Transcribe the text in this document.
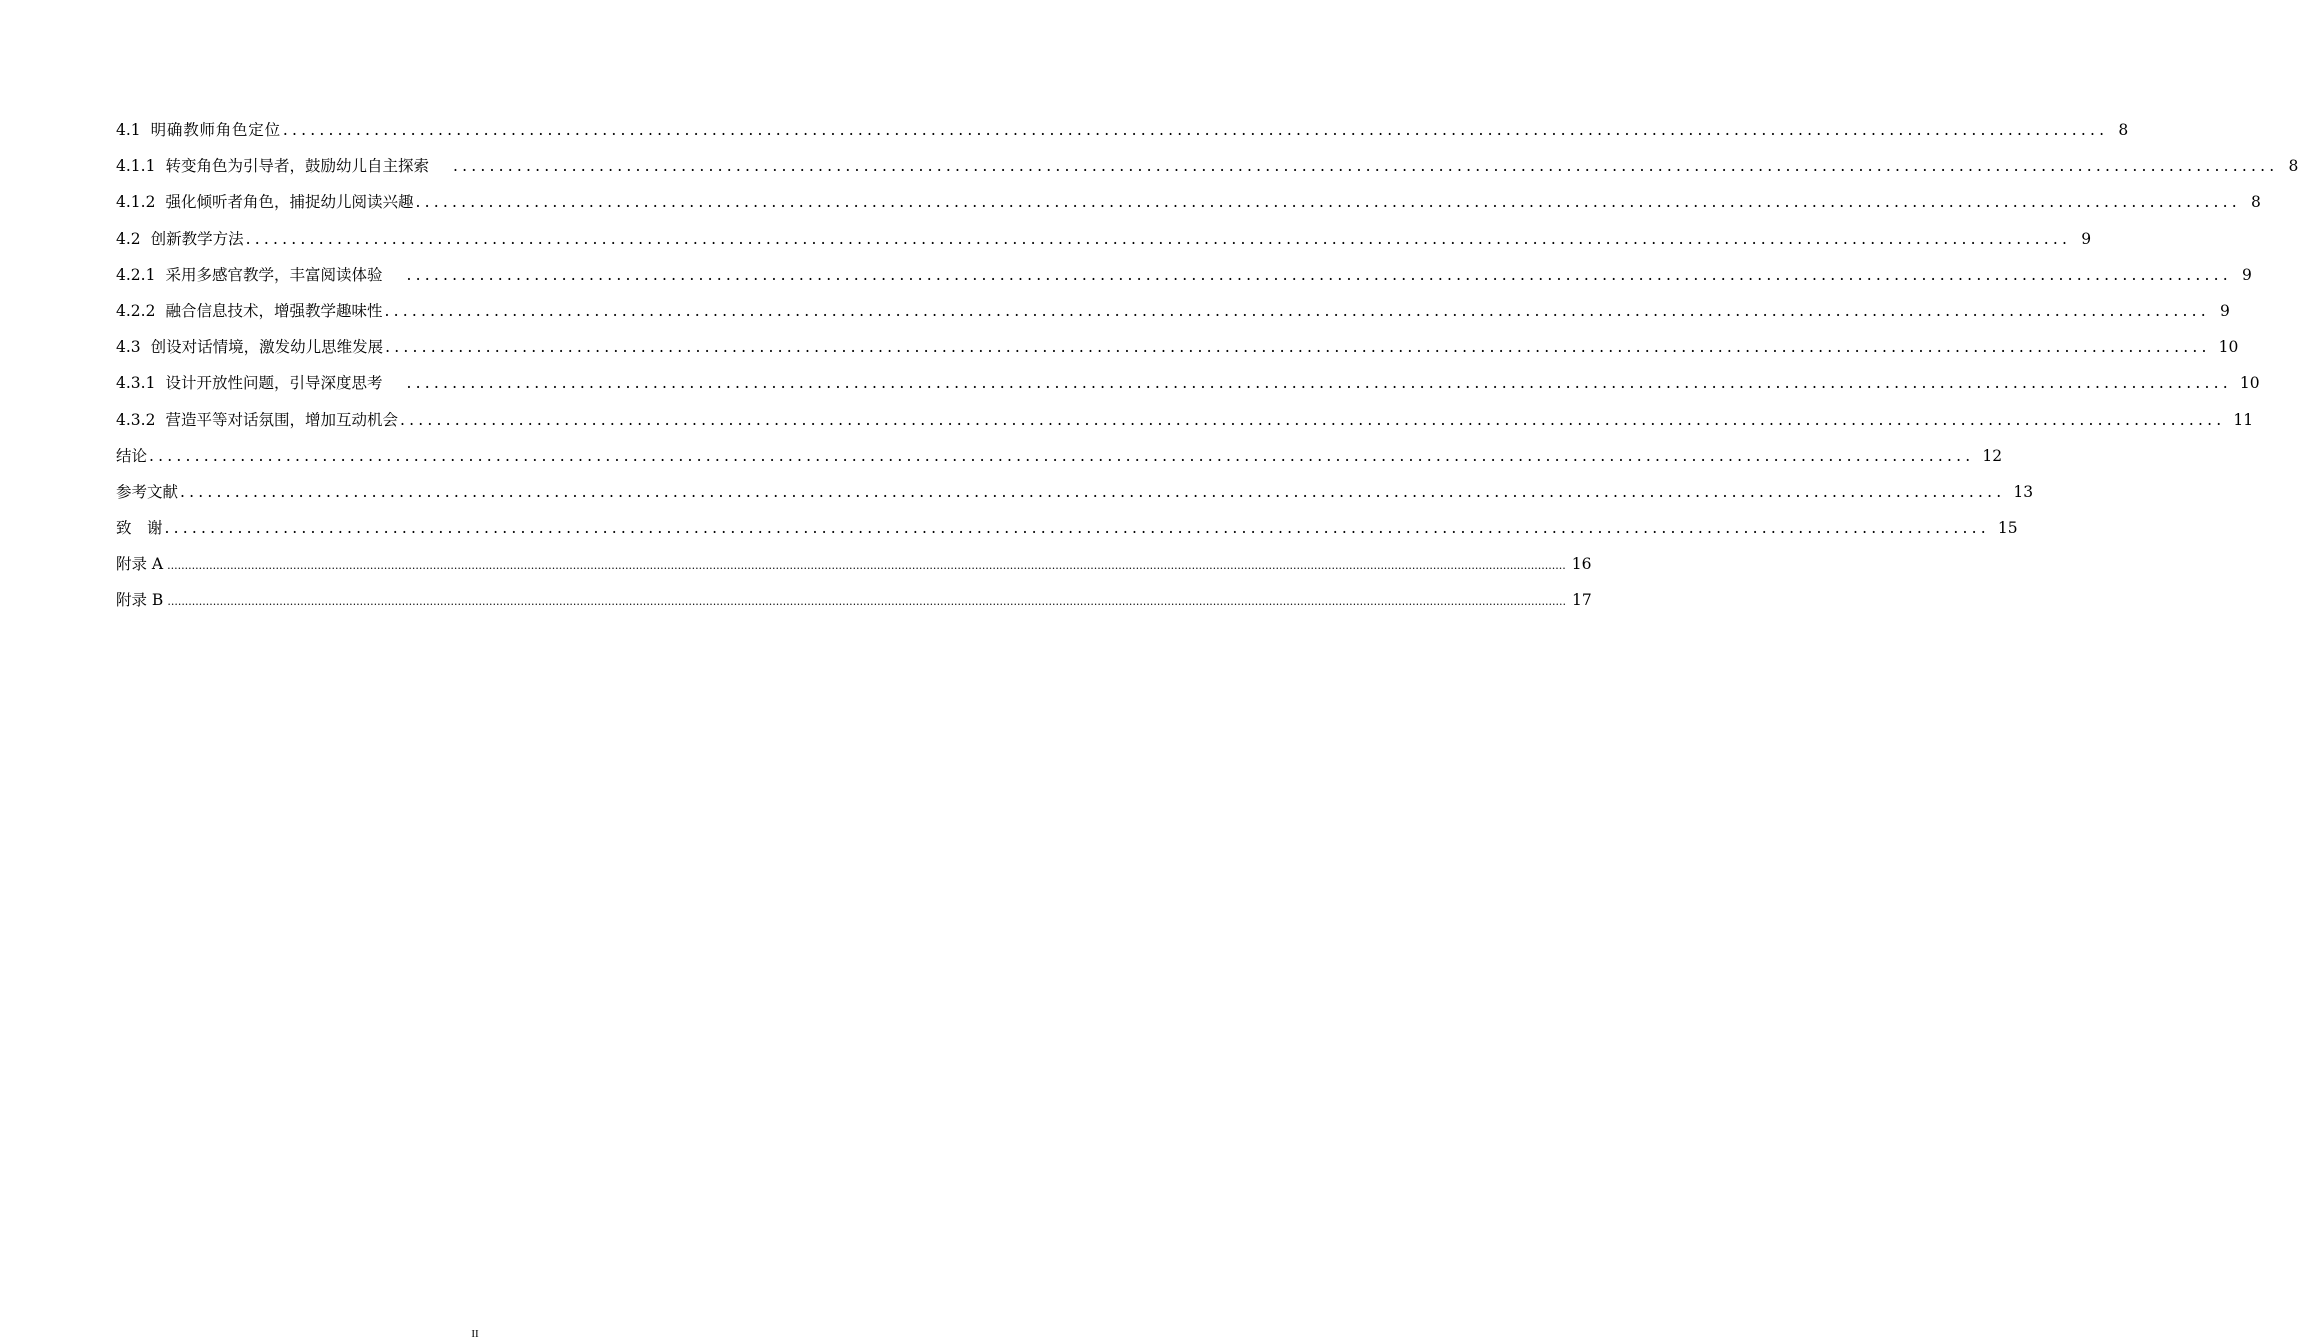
4.1 明确教师角色定位 ........................................................................................................................................................................................................ 8
4.1.1 转变角色为引导者，鼓励幼儿自主探索	........................................................................................................................................................................................................ 8
4.1.2 强化倾听者角色，捕捉幼儿阅读兴趣 ........................................................................................................................................................................................................ 8
4.2 创新教学方法 ........................................................................................................................................................................................................ 9
4.2.1 采用多感官教学，丰富阅读体验	........................................................................................................................................................................................................ 9
4.2.2 融合信息技术，增强教学趣味性 ........................................................................................................................................................................................................ 9
4.3 创设对话情境，激发幼儿思维发展 ........................................................................................................................................................................................................ 10
4.3.1 设计开放性问题，引导深度思考	........................................................................................................................................................................................................ 10
4.3.2 营造平等对话氛围，增加互动机会 ........................................................................................................................................................................................................ 11
结论 ........................................................................................................................................................................................................ 12
参考文献 ........................................................................................................................................................................................................ 13
致　谢 ........................................................................................................................................................................................................ 15
附录 A ................................................................................................................................................................................................................................................................................................................................................................................................................ 16
附录 B ................................................................................................................................................................................................................................................................................................................................................................................................................ 17
II
